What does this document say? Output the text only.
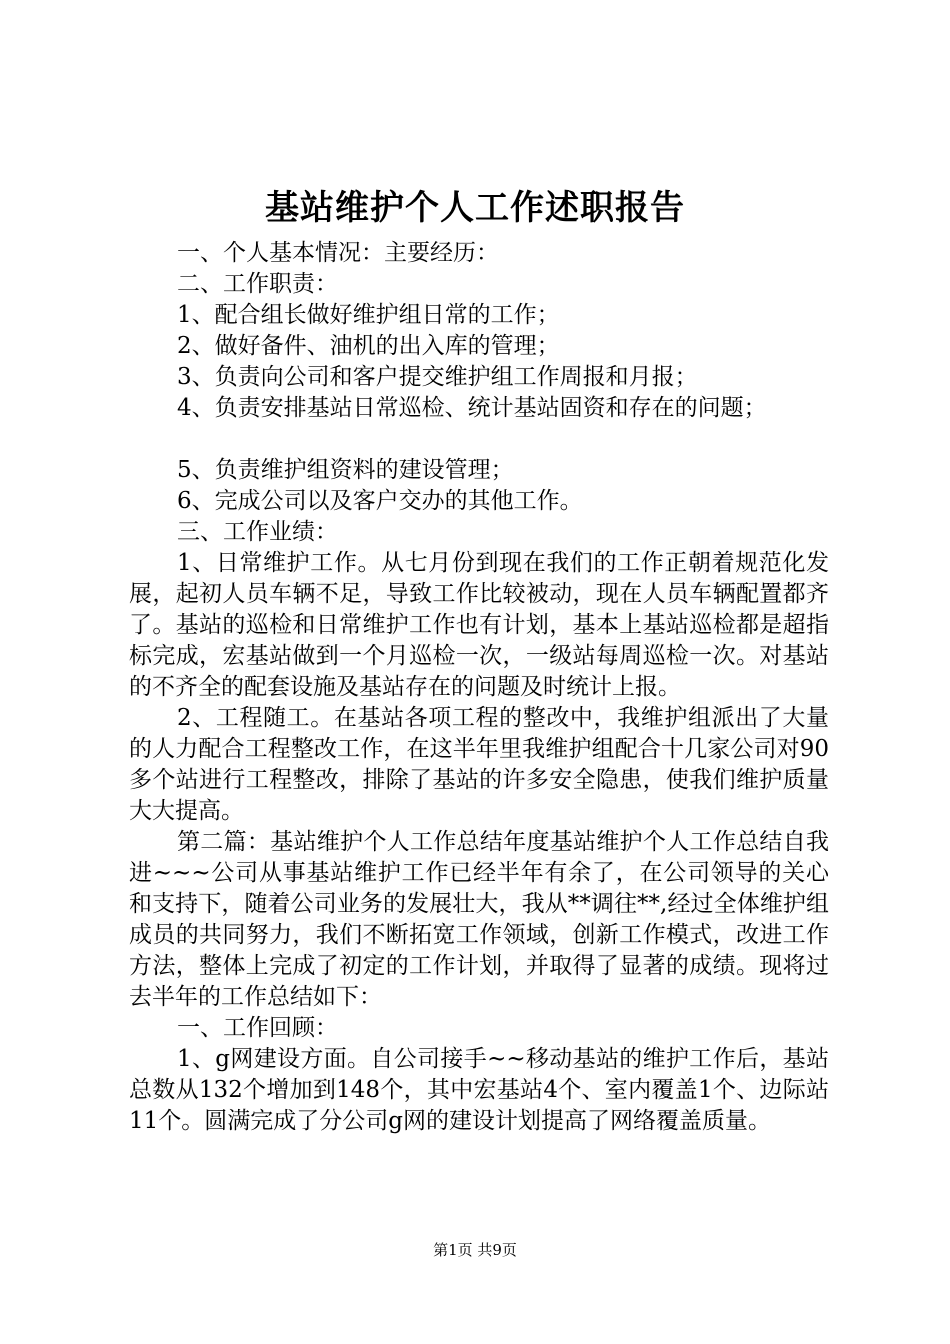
基站维护个人工作述职报告

一、个人基本情况：主要经历：

二、工作职责：

1、配合组长做好维护组日常的工作；

2、做好备件、油机的出入库的管理；

3、负责向公司和客户提交维护组工作周报和月报；

4、负责安排基站日常巡检、统计基站固资和存在的问题；

5、负责维护组资料的建设管理；

6、完成公司以及客户交办的其他工作。

三、工作业绩：

1、日常维护工作。从七月份到现在我们的工作正朝着规范化发展，起初人员车辆不足，导致工作比较被动，现在人员车辆配置都齐了。基站的巡检和日常维护工作也有计划，基本上基站巡检都是超指标完成，宏基站做到一个月巡检一次，一级站每周巡检一次。对基站的不齐全的配套设施及基站存在的问题及时统计上报。

2、工程随工。在基站各项工程的整改中，我维护组派出了大量的人力配合工程整改工作，在这半年里我维护组配合十几家公司对90多个站进行工程整改，排除了基站的许多安全隐患，使我们维护质量大大提高。

第二篇：基站维护个人工作总结年度基站维护个人工作总结自我进~~~公司从事基站维护工作已经半年有余了，在公司领导的关心和支持下，随着公司业务的发展壮大，我从**调往**,经过全体维护组成员的共同努力，我们不断拓宽工作领域，创新工作模式，改进工作方法，整体上完成了初定的工作计划，并取得了显著的成绩。现将过去半年的工作总结如下：

一、工作回顾：

1、g网建设方面。自公司接手~~移动基站的维护工作后，基站总数从132个增加到148个，其中宏基站4个、室内覆盖1个、边际站11个。圆满完成了分公司g网的建设计划提高了网络覆盖质量。

第1页 共9页
